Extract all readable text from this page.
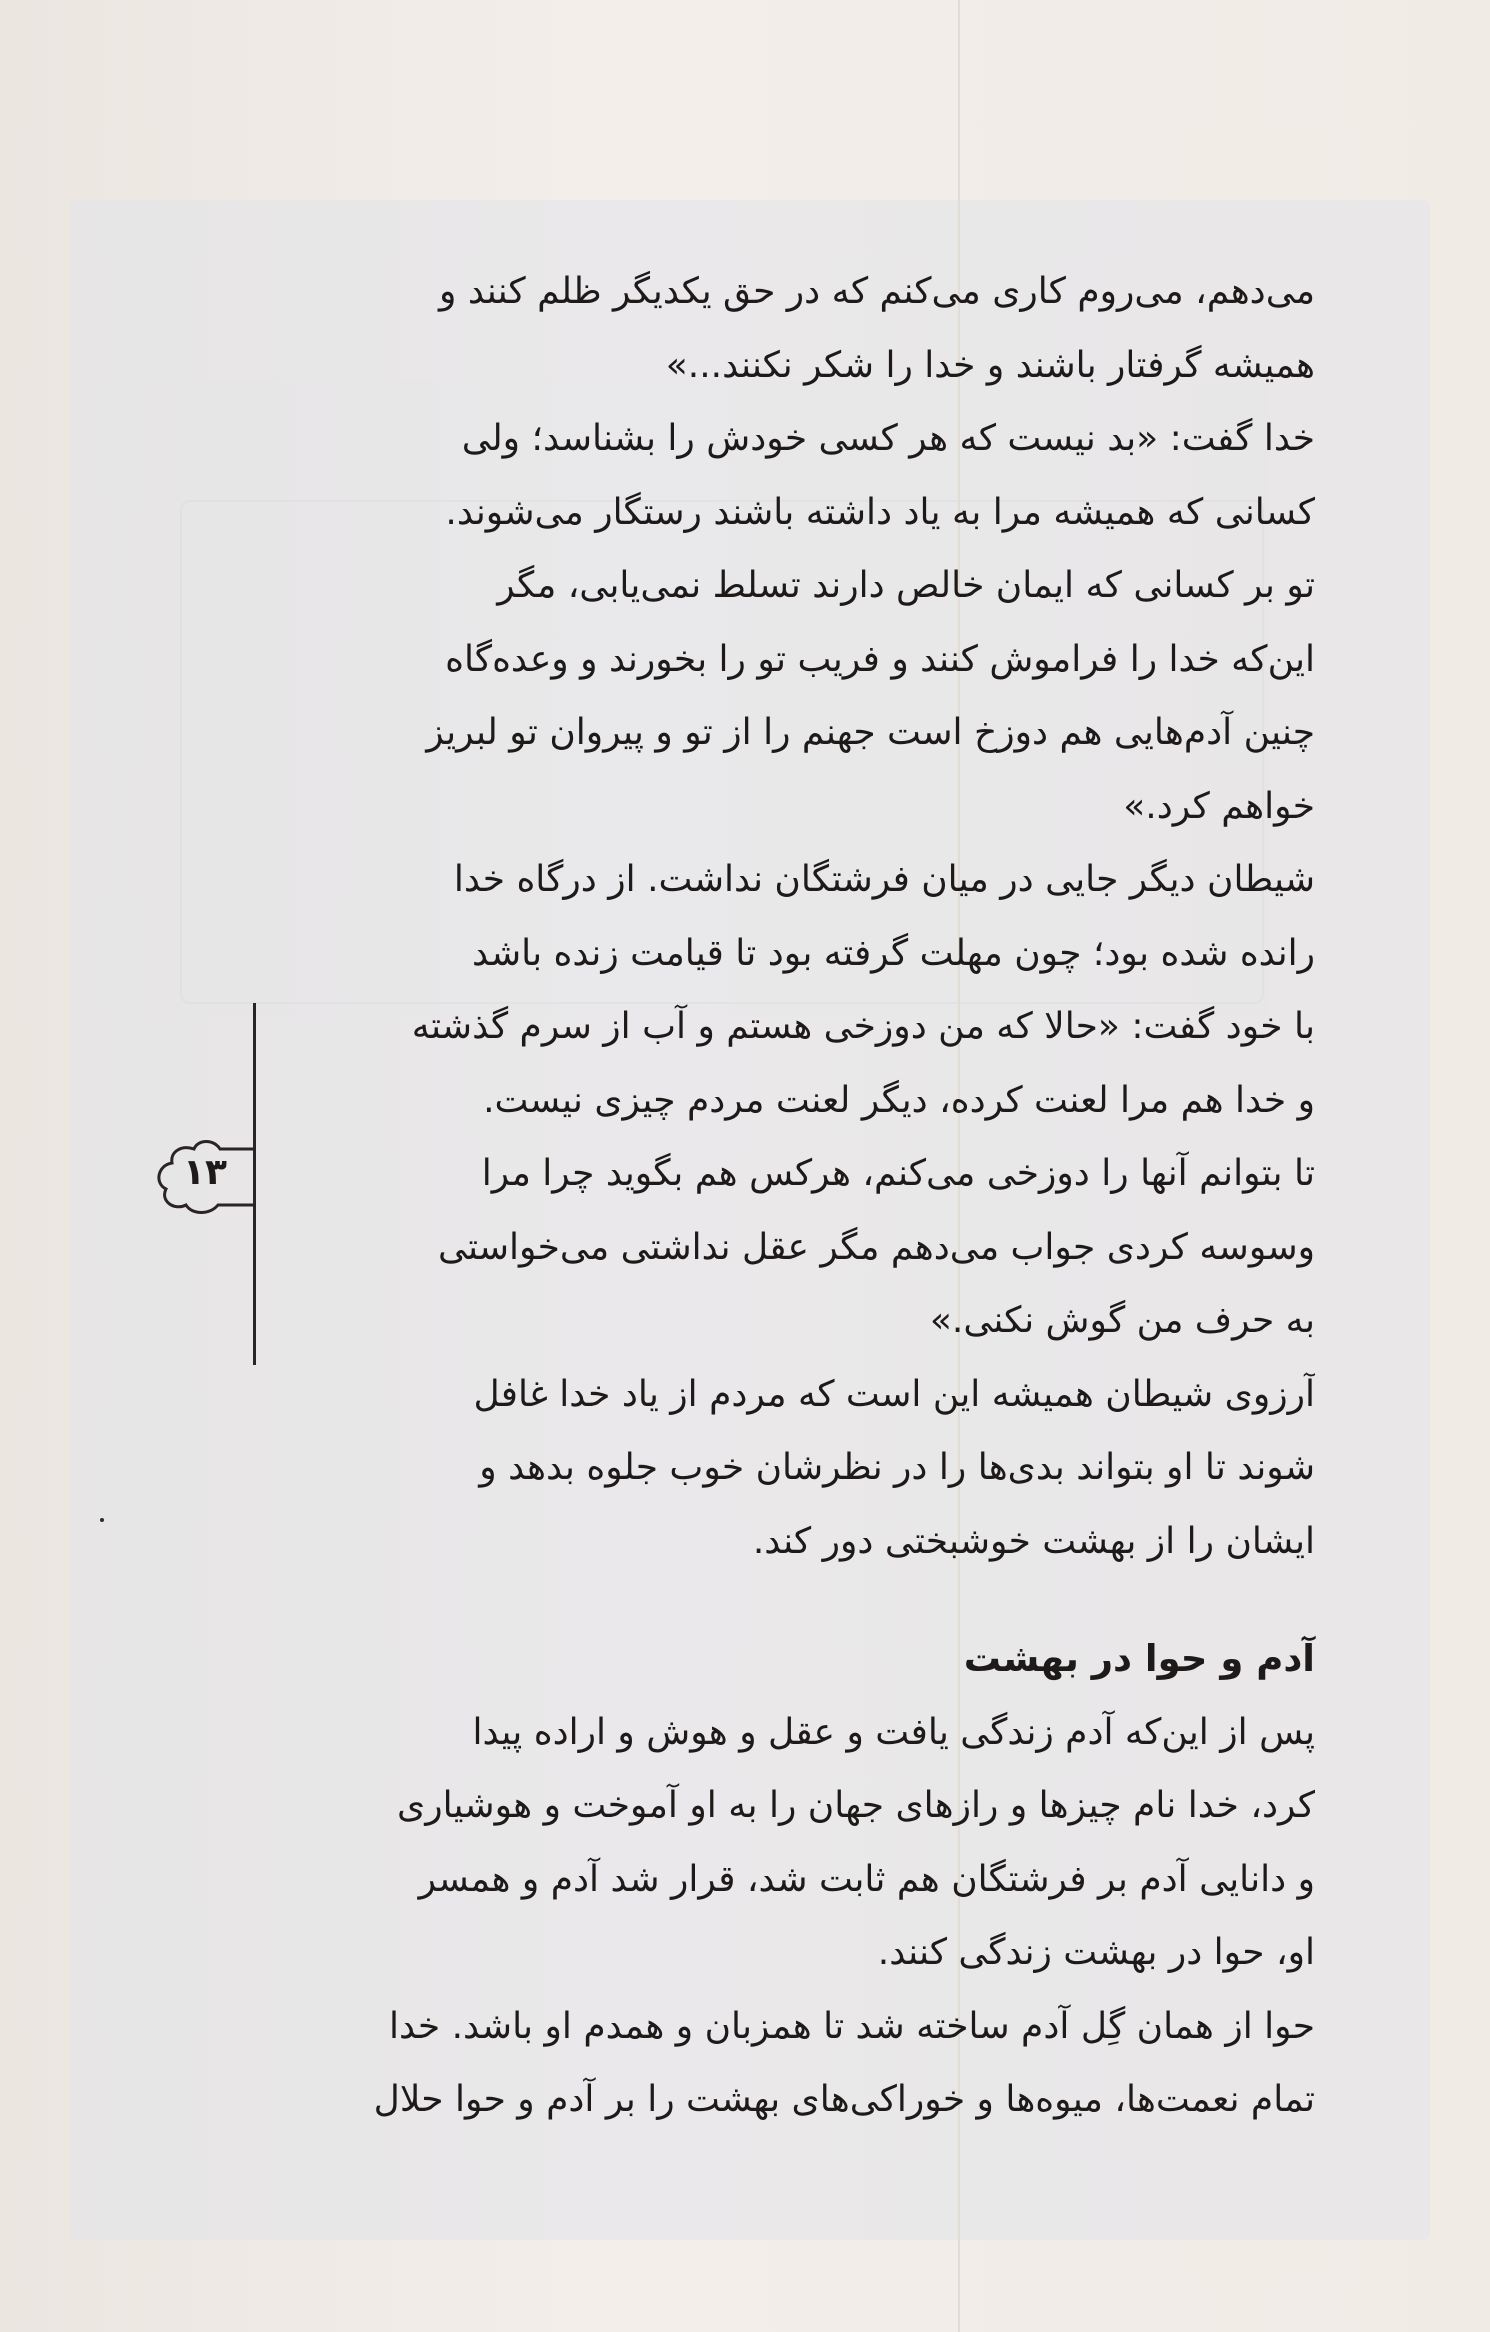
می‌دهم، می‌روم کاری می‌کنم که در حق یکدیگر ظلم کنند و
همیشه گرفتار باشند و خدا را شکر نکنند...»
خدا گفت: «بد نیست که هر کسی خودش را بشناسد؛ ولی
کسانی که همیشه مرا به یاد داشته باشند رستگار می‌شوند.
تو بر کسانی که ایمان خالص دارند تسلط نمی‌یابی، مگر
این‌که خدا را فراموش کنند و فریب تو را بخورند و وعده‌گاه
چنین آدم‌هایی هم دوزخ است جهنم را از تو و پیروان تو لبریز
خواهم کرد.»
شیطان دیگر جایی در میان فرشتگان نداشت. از درگاه خدا
رانده شده بود؛ چون مهلت گرفته بود تا قیامت زنده باشد
با خود گفت: «حالا که من دوزخی هستم و آب از سرم گذشته
و خدا هم مرا لعنت کرده، دیگر لعنت مردم چیزی نیست.
تا بتوانم آنها را دوزخی می‌کنم، هرکس هم بگوید چرا مرا
وسوسه کردی جواب می‌دهم مگر عقل نداشتی می‌خواستی
به حرف من گوش نکنی.»
آرزوی شیطان همیشه این است که مردم از یاد خدا غافل
شوند تا او بتواند بدی‌ها را در نظرشان خوب جلوه بدهد و
ایشان را از بهشت خوشبختی دور کند.
آدم و حوا در بهشت
پس از این‌که آدم زندگی یافت و عقل و هوش و اراده پیدا
کرد، خدا نام چیزها و رازهای جهان را به او آموخت و هوشیاری
و دانایی آدم بر فرشتگان هم ثابت شد، قرار شد آدم و همسر
او، حوا در بهشت زندگی کنند.
حوا از همان گِل آدم ساخته شد تا همزبان و همدم او باشد. خدا
تمام نعمت‌ها، میوه‌ها و خوراکی‌های بهشت را بر آدم و حوا حلال
۱۳
